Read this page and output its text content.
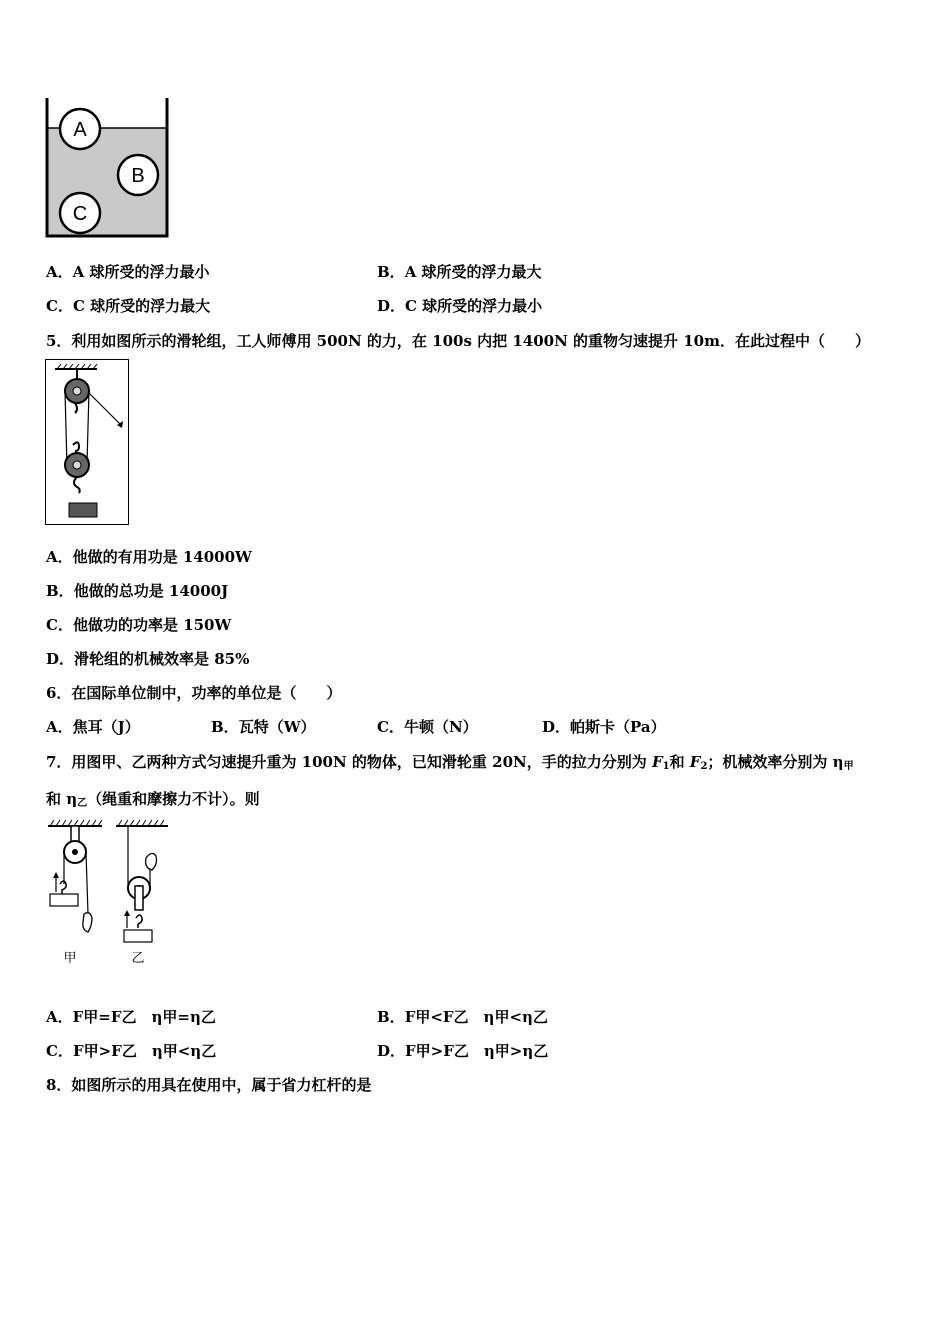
A
B
C
A．A 球所受的浮力最小	B．A 球所受的浮力最大
C．C 球所受的浮力最大	D．C 球所受的浮力最小
5．利用如图所示的滑轮组，工人师傅用 500N 的力，在 100s 内把 1400N 的重物匀速提升 10m．在此过程中（　　）
A．他做的有用功是 14000W
B．他做的总功是 14000J
C．他做功的功率是 150W
D．滑轮组的机械效率是 85%
6．在国际单位制中，功率的单位是（　　）
A．焦耳（J）	B．瓦特（W）	C．牛顿（N）	D．帕斯卡（Pa）
7．用图甲、乙两种方式匀速提升重为 100N 的物体，已知滑轮重 20N，手的拉力分别为 $F_1$和 $F_2$；机械效率分别为 $\eta_甲$
和 $\eta_乙$（绳重和摩擦力不计）。则
甲	乙
A．F甲=F乙　η甲=η乙	B．F甲<F乙　η甲<η乙
C．F甲>F乙　η甲<η乙	D．F甲>F乙　η甲>η乙
8．如图所示的用具在使用中，属于省力杠杆的是
